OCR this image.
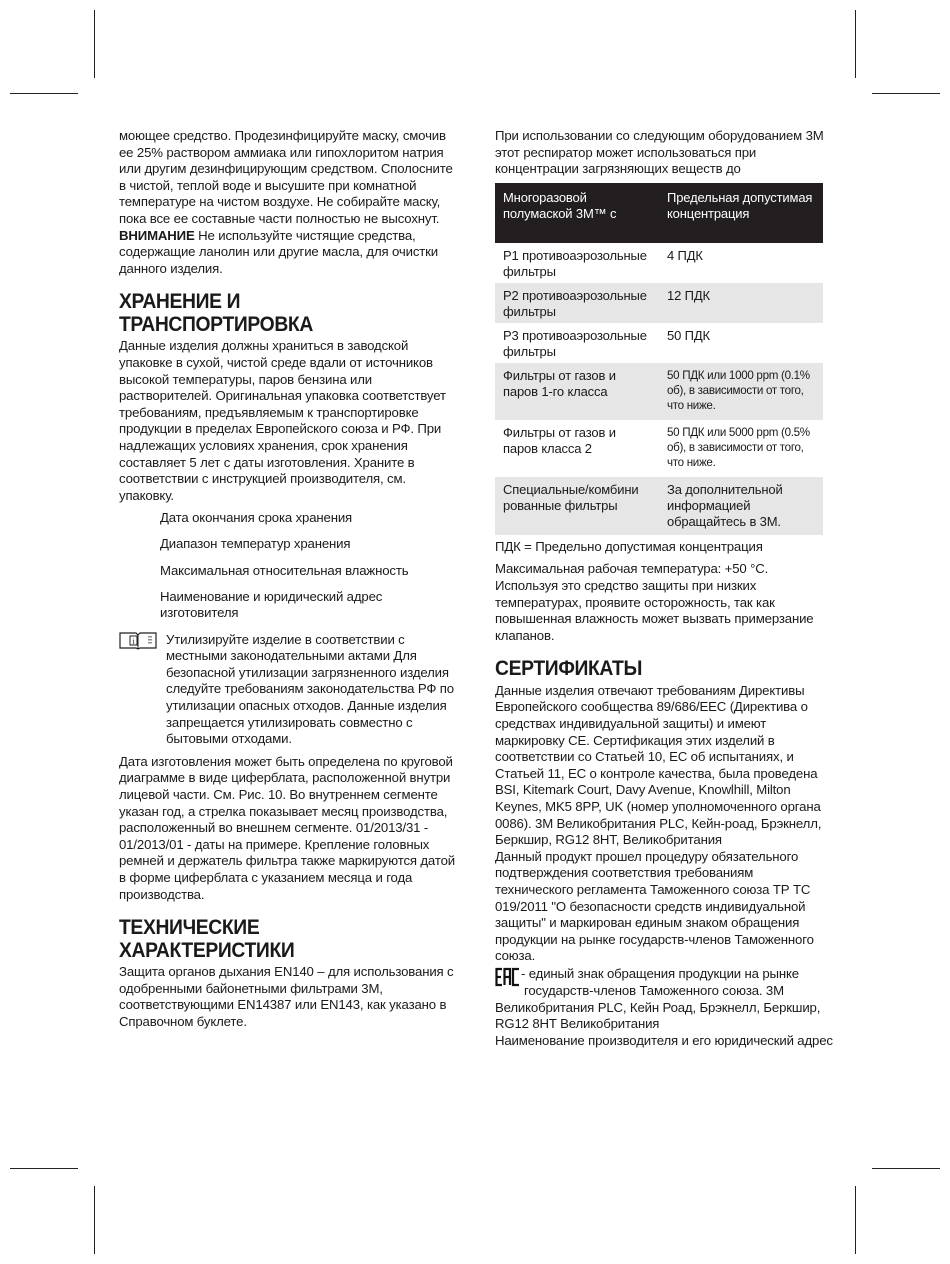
моющее средство. Продезинфицируйте маску, смочив ее 25% раствором аммиака или гипохлоритом натрия или другим дезинфицирующим средством. Сполосните в чистой, теплой воде и высушите при комнатной температуре на чистом воздухе. Не собирайте маску, пока все ее составные части полностью не высохнут.

ВНИМАНИЕ Не используйте чистящие средства, содержащие ланолин или другие масла, для очистки данного изделия.

ХРАНЕНИЕ И
ТРАНСПОРТИРОВКА

Данные изделия должны храниться в заводской упаковке в сухой, чистой среде вдали от источников высокой температуры, паров бензина или растворителей. Оригинальная упаковка соответствует требованиям, предъявляемым к транспортировке продукции в пределах Европейского союза и РФ. При надлежащих условиях хранения, срок хранения составляет 5 лет с даты изготовления. Храните в соответствии с инструкцией производителя, см. упаковку.

Дата окончания срока хранения

Диапазон температур хранения

Максимальная относительная влажность

Наименование и юридический адрес изготовителя

i Утилизируйте изделие в соответствии с местными законодательными актами Для безопасной утилизации загрязненного изделия следуйте требованиям законодательства РФ по утилизации опасных отходов. Данные изделия запрещается утилизировать совместно с бытовыми отходами.

Дата изготовления может быть определена по круговой диаграмме в виде циферблата, расположенной внутри лицевой части. См. Рис. 10. Во внутреннем сегменте указан год, а стрелка показывает месяц производства, расположенный во внешнем сегменте. 01/2013/31 - 01/2013/01 - даты на примере. Крепление головных ремней и держатель фильтра также маркируются датой в форме циферблата с указанием месяца и года производства.

ТЕХНИЧЕСКИЕ
ХАРАКТЕРИСТИКИ

Защита органов дыхания EN140 – для использования с одобренными байонетными фильтрами 3M, соответствующими EN14387 или EN143, как указано в Справочном буклете.

При использовании со следующим оборудованием 3M этот респиратор может использоваться при концентрации загрязняющих веществ до

Многоразовой полумаской 3M™ с	Предельная допустимая концентрация
P1 противоаэрозольные фильтры	4 ПДК
P2 противоаэрозольные фильтры	12 ПДК
P3 противоаэрозольные фильтры	50 ПДК
Фильтры от газов и паров 1-го класса	50 ПДК или 1000 ppm (0.1% об), в зависимости от того, что ниже.
Фильтры от газов и паров класса 2	50 ПДК или 5000 ppm (0.5% об), в зависимости от того, что ниже.
Специальные/комбини рованные фильтры	За дополнительной информацией обращайтесь в 3M.

ПДК = Предельно допустимая концентрация

Максимальная рабочая температура: +50 °C. Используя это средство защиты при низких температурах, проявите осторожность, так как повышенная влажность может вызвать примерзание клапанов.

СЕРТИФИКАТЫ

Данные изделия отвечают требованиям Директивы Европейского сообщества 89/686/EEC (Директива о средствах индивидуальной защиты) и имеют маркировку CE. Сертификация этих изделий в соответствии со Статьей 10, EC об испытаниях, и Статьей 11, EC о контроле качества, была проведена BSI, Kitemark Court, Davy Avenue, Knowlhill, Milton Keynes, MK5 8PP, UK (номер уполномоченного органа 0086). 3M Великобритания PLC, Кейн-роад, Брэкнелл, Беркшир, RG12 8HT, Великобритания

Данный продукт прошел процедуру обязательного подтверждения соответствия требованиям технического регламента Таможенного союза ТР ТС 019/2011 "О безопасности средств индивидуальной защиты" и маркирован единым знаком обращения продукции на рынке государств-членов Таможенного союза.

- единый знак обращения продукции на рынке

государств-членов Таможенного союза. 3M

Великобритания PLC, Кейн Роад, Брэкнелл, Беркшир, RG12 8HT Великобритания

Наименование производителя и его юридический адрес
